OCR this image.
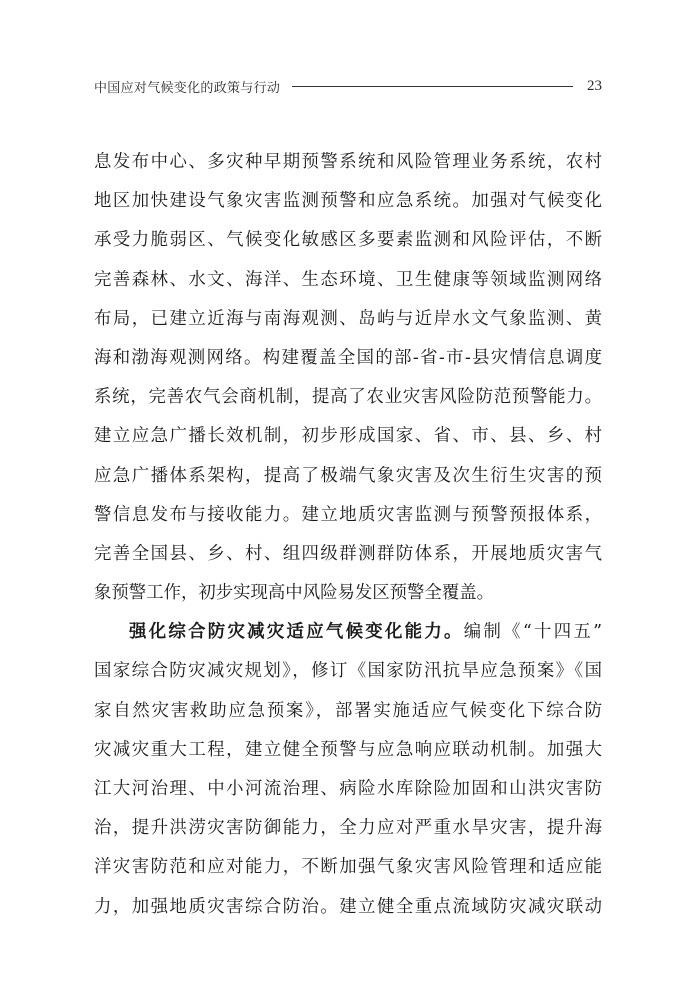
中国应对气候变化的政策与行动	23
息发布中心、多灾种早期预警系统和风险管理业务系统，农村
地区加快建设气象灾害监测预警和应急系统。加强对气候变化
承受力脆弱区、气候变化敏感区多要素监测和风险评估，不断
完善森林、水文、海洋、生态环境、卫生健康等领域监测网络
布局，已建立近海与南海观测、岛屿与近岸水文气象监测、黄
海和渤海观测网络。构建覆盖全国的部-省-市-县灾情信息调度
系统，完善农气会商机制，提高了农业灾害风险防范预警能力。
建立应急广播长效机制，初步形成国家、省、市、县、乡、村
应急广播体系架构，提高了极端气象灾害及次生衍生灾害的预
警信息发布与接收能力。建立地质灾害监测与预警预报体系，
完善全国县、乡、村、组四级群测群防体系，开展地质灾害气
象预警工作，初步实现高中风险易发区预警全覆盖。
强化综合防灾减灾适应气候变化能力。编制《“十四五”
国家综合防灾减灾规划》，修订《国家防汛抗旱应急预案》《国
家自然灾害救助应急预案》，部署实施适应气候变化下综合防
灾减灾重大工程，建立健全预警与应急响应联动机制。加强大
江大河治理、中小河流治理、病险水库除险加固和山洪灾害防
治，提升洪涝灾害防御能力，全力应对严重水旱灾害，提升海
洋灾害防范和应对能力，不断加强气象灾害风险管理和适应能
力，加强地质灾害综合防治。建立健全重点流域防灾减灾联动
